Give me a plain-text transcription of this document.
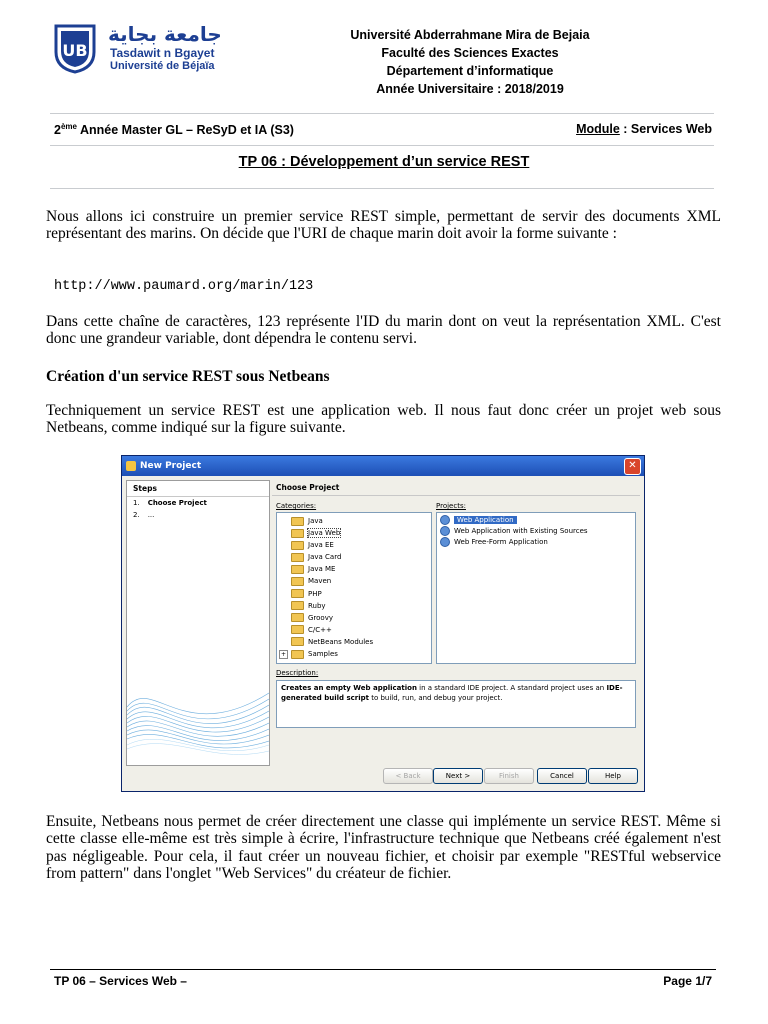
UB
جامعة بجاية
Tasdawit n Bgayet
Université de Béjaïa
Université Abderrahmane Mira de Bejaia
Faculté des Sciences Exactes
Département d’informatique
Année Universitaire : 2018/2019
2ème Année Master GL – ReSyD et IA (S3)	Module : Services Web
TP 06 : Développement d’un service REST
Nous allons ici construire un premier service REST simple, permettant de servir des documents XML représentant des marins. On décide que l'URI de chaque marin doit avoir la forme suivante :
http://www.paumard.org/marin/123
Dans cette chaîne de caractères, 123 représente l'ID du marin dont on veut la représentation XML. C'est donc une grandeur variable, dont dépendra le contenu servi.
Création d'un service REST sous Netbeans
Techniquement un service REST est une application web. Il nous faut donc créer un projet web sous Netbeans, comme indiqué sur la figure suivante.
New Project	✕
Steps
1. Choose Project
2. ...
Choose Project
Categories:	Projects:
Java
Java Web
Java EE
Java Card
Java ME
Maven
PHP
Ruby
Groovy
C/C++
NetBeans Modules
+	Samples
Web Application
Web Application with Existing Sources
Web Free-Form Application
Description:
Creates an empty Web application in a standard IDE project. A standard project uses an IDE-generated build script to build, run, and debug your project.
< Back	Next >	Finish	Cancel	Help
Ensuite, Netbeans nous permet de créer directement une classe qui implémente un service REST. Même si cette classe elle-même est très simple à écrire, l'infrastructure technique que Netbeans créé également n'est pas négligeable. Pour cela, il faut créer un nouveau fichier, et choisir par exemple "RESTful webservice from pattern" dans l'onglet "Web Services" du créateur de fichier.
TP 06 – Services Web –	Page 1/7
